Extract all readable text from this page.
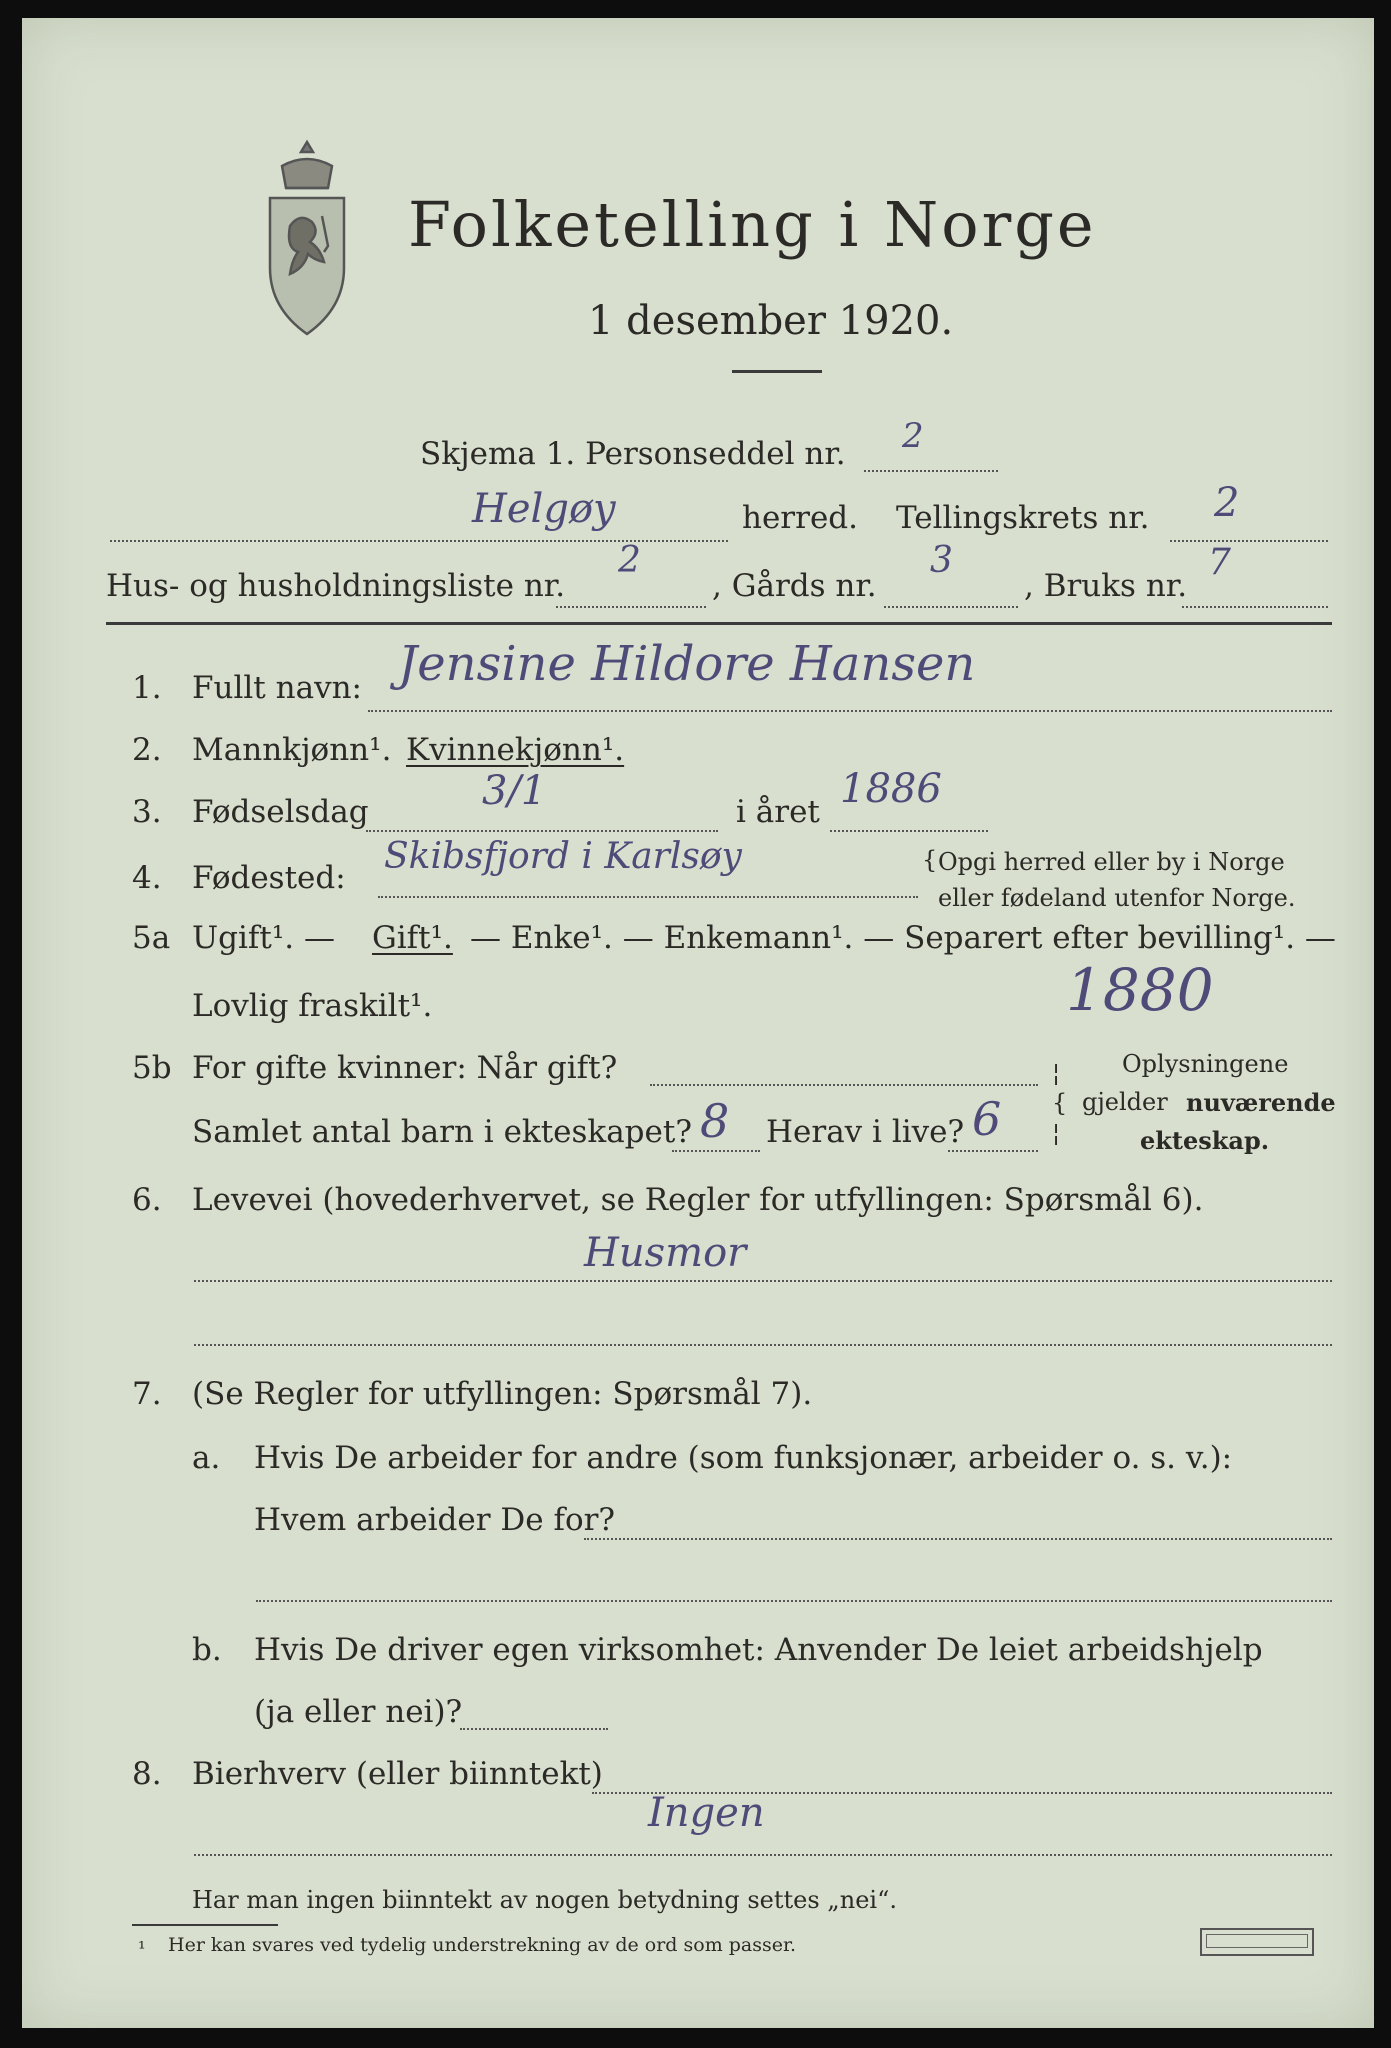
Folketelling i Norge
1 desember 1920.
Skjema 1. Personseddel nr. 2
Helgøy	herred. Tellingskrets nr. 2
Hus- og husholdningsliste nr.
2
, Gårds nr.
3
, Bruks nr.
7
1. Fullt navn: Jensine Hildore Hansen
2. Mannkjønn¹. Kvinnekjønn¹.
3. Fødselsdag	3/1	i året 1886
4. Fødested:
Skibsfjord i Karlsøy	{ Opgi herred eller by i Norge
eller fødeland utenfor Norge.
5a Ugift¹. — Gift¹. — Enke¹. — Enkemann¹. — Separert efter bevilling¹. —
Lovlig fraskilt¹.	1880
5b For gifte kvinner: Når gift?
Samlet antal barn i ekteskapet? 8 Herav i live? 6
¦
{
¦
Oplysningene
gjelder nuværende
ekteskap.
6. Levevei (hovederhvervet, se Regler for utfyllingen: Spørsmål 6).
Husmor
7. (Se Regler for utfyllingen: Spørsmål 7).
a. Hvis De arbeider for andre (som funksjonær, arbeider o. s. v.):
Hvem arbeider De for?
b. Hvis De driver egen virksomhet: Anvender De leiet arbeidshjelp
(ja eller nei)?
8. Bierhverv (eller biinntekt)
Ingen
Har man ingen biinntekt av nogen betydning settes „nei“.
¹ Her kan svares ved tydelig understrekning av de ord som passer.
